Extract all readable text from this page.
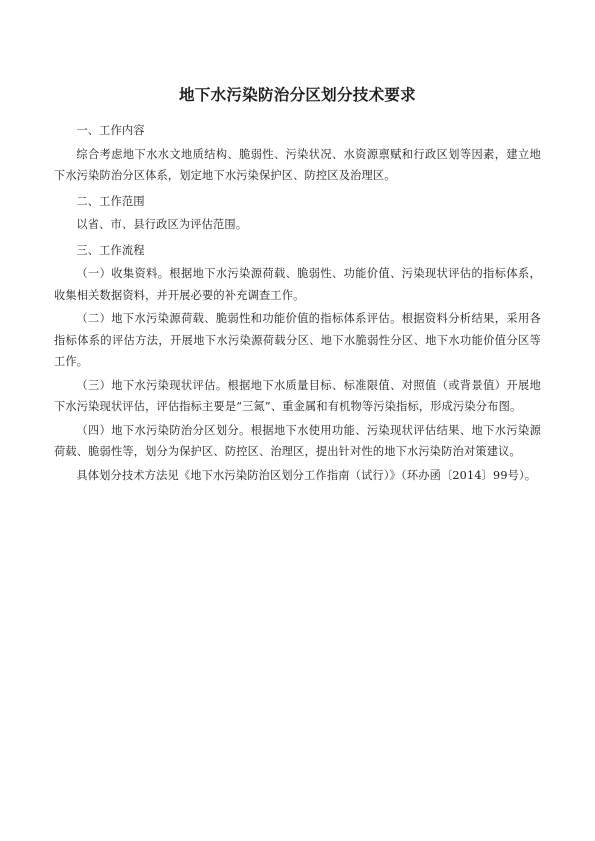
地下水污染防治分区划分技术要求

一、工作内容

综合考虑地下水水文地质结构、脆弱性、污染状况、水资源禀赋和行政区划等因素，建立地下水污染防治分区体系，划定地下水污染保护区、防控区及治理区。

二、工作范围

以省、市、县行政区为评估范围。

三、工作流程

（一）收集资料。根据地下水污染源荷载、脆弱性、功能价值、污染现状评估的指标体系，收集相关数据资料，并开展必要的补充调查工作。

（二）地下水污染源荷载、脆弱性和功能价值的指标体系评估。根据资料分析结果，采用各指标体系的评估方法，开展地下水污染源荷载分区、地下水脆弱性分区、地下水功能价值分区等工作。

（三）地下水污染现状评估。根据地下水质量目标、标准限值、对照值（或背景值）开展地下水污染现状评估，评估指标主要是“三氮”、重金属和有机物等污染指标，形成污染分布图。

（四）地下水污染防治分区划分。根据地下水使用功能、污染现状评估结果、地下水污染源荷载、脆弱性等，划分为保护区、防控区、治理区，提出针对性的地下水污染防治对策建议。

具体划分技术方法见《地下水污染防治区划分工作指南（试行）》（环办函〔2014〕99号）。
